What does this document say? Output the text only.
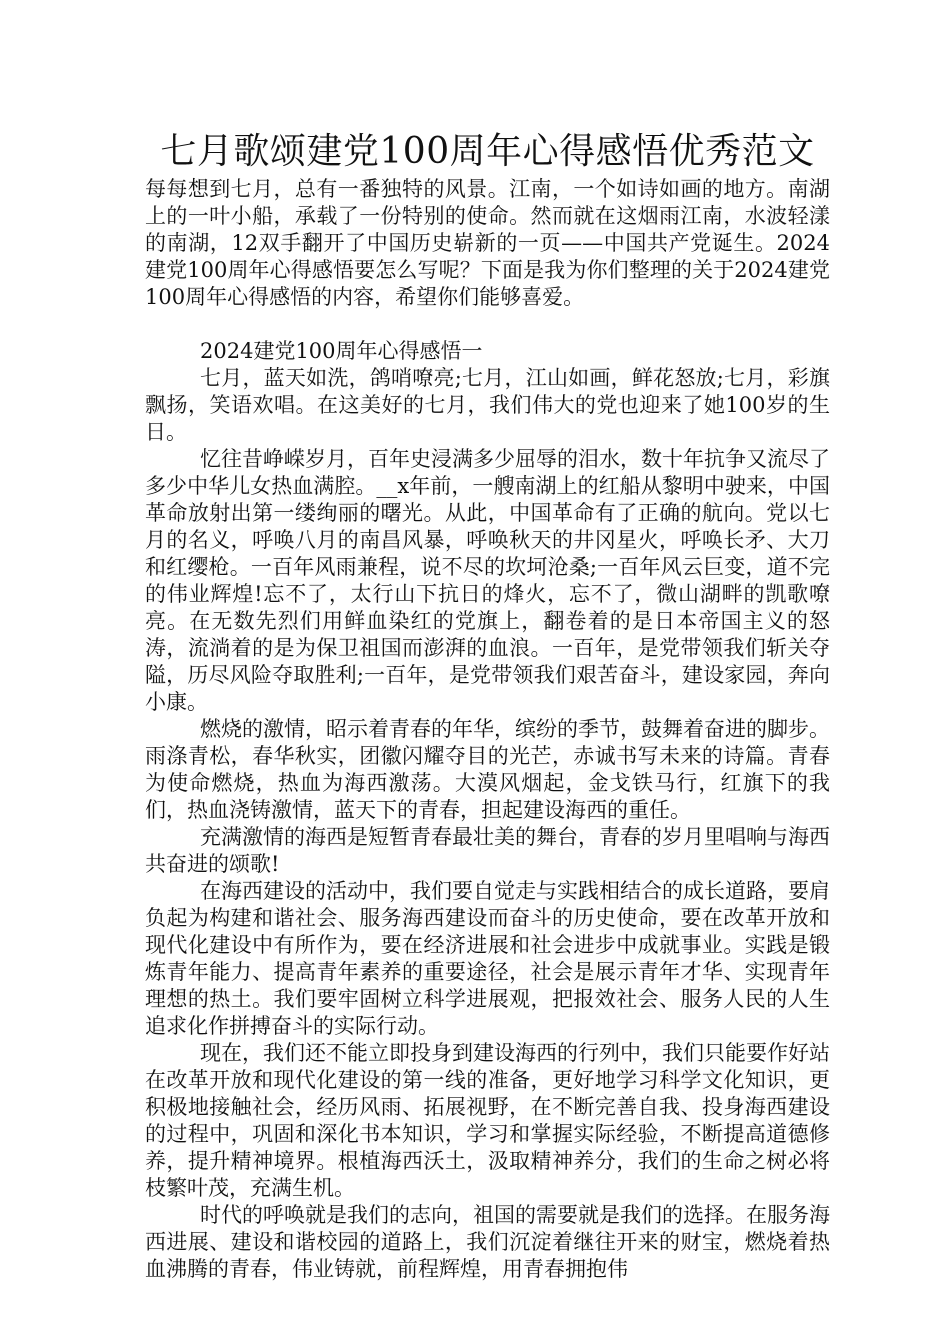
七月歌颂建党100周年心得感悟优秀范文

每每想到七月，总有一番独特的风景。江南，一个如诗如画的地方。南湖上的一叶小船，承载了一份特别的使命。然而就在这烟雨江南，水波轻漾的南湖，12双手翻开了中国历史崭新的一页——中国共产党诞生。2024建党100周年心得感悟要怎么写呢？下面是我为你们整理的关于2024建党100周年心得感悟的内容，希望你们能够喜爱。

2024建党100周年心得感悟一

七月，蓝天如洗，鸽哨嘹亮;七月，江山如画，鲜花怒放;七月，彩旗飘扬，笑语欢唱。在这美好的七月，我们伟大的党也迎来了她100岁的生日。

忆往昔峥嵘岁月，百年史浸满多少屈辱的泪水，数十年抗争又流尽了多少中华儿女热血满腔。__x年前，一艘南湖上的红船从黎明中驶来，中国革命放射出第一缕绚丽的曙光。从此，中国革命有了正确的航向。党以七月的名义，呼唤八月的南昌风暴，呼唤秋天的井冈星火，呼唤长矛、大刀和红缨枪。一百年风雨兼程，说不尽的坎坷沧桑;一百年风云巨变，道不完的伟业辉煌!忘不了，太行山下抗日的烽火，忘不了，微山湖畔的凯歌嘹亮。在无数先烈们用鲜血染红的党旗上，翻卷着的是日本帝国主义的怒涛，流淌着的是为保卫祖国而澎湃的血浪。一百年，是党带领我们斩关夺隘，历尽风险夺取胜利;一百年，是党带领我们艰苦奋斗，建设家园，奔向小康。

燃烧的激情，昭示着青春的年华，缤纷的季节，鼓舞着奋进的脚步。雨涤青松，春华秋实，团徽闪耀夺目的光芒，赤诚书写未来的诗篇。青春为使命燃烧，热血为海西激荡。大漠风烟起，金戈铁马行，红旗下的我们，热血浇铸激情，蓝天下的青春，担起建设海西的重任。

充满激情的海西是短暂青春最壮美的舞台，青春的岁月里唱响与海西共奋进的颂歌!

在海西建设的活动中，我们要自觉走与实践相结合的成长道路，要肩负起为构建和谐社会、服务海西建设而奋斗的历史使命，要在改革开放和现代化建设中有所作为，要在经济进展和社会进步中成就事业。实践是锻炼青年能力、提高青年素养的重要途径，社会是展示青年才华、实现青年理想的热土。我们要牢固树立科学进展观，把报效社会、服务人民的人生追求化作拼搏奋斗的实际行动。

现在，我们还不能立即投身到建设海西的行列中，我们只能要作好站在改革开放和现代化建设的第一线的准备，更好地学习科学文化知识，更积极地接触社会，经历风雨、拓展视野，在不断完善自我、投身海西建设的过程中，巩固和深化书本知识，学习和掌握实际经验，不断提高道德修养，提升精神境界。根植海西沃土，汲取精神养分，我们的生命之树必将枝繁叶茂，充满生机。

时代的呼唤就是我们的志向，祖国的需要就是我们的选择。在服务海西进展、建设和谐校园的道路上，我们沉淀着继往开来的财宝，燃烧着热血沸腾的青春，伟业铸就，前程辉煌，用青春拥抱伟
